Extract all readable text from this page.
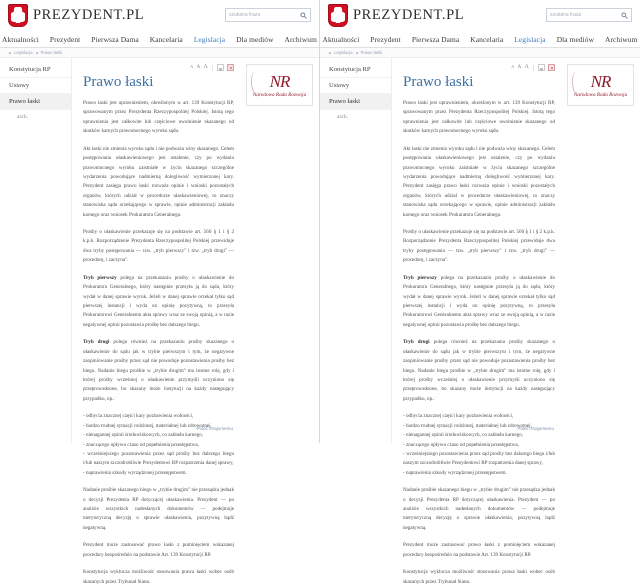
PREZYDENT.PL
szukana fraza
Aktualności Prezydent Pierwsza Dama Kancelaria Legislacja Dla mediów Archiwum
Legislacja Prawo łaski
Konstytucja RP
Ustawy
Prawo łaski
arch.
A A A
Prawo łaski

Prawo łaski jest uprawnieniem, określonym w art. 139 Konstytucji RP, sprawowanym przez Prezydenta Rzeczypospolitej Polskiej. Istotą tego uprawnienia jest całkowite lub częściowe uwolnienie skazanego od skutków karnych prawomocnego wyroku sądu.

Akt łaski nie zmienia wyroku sądu i nie podważa winy skazanego. Celem postępowania ułaskawieniowego jest ustalenie, czy po wydaniu prawomocnego wyroku zaistniałe w życiu skazanego szczególne wydarzenia powodujące nadmierną dolegliwość wymierzonej kary. Prezydent zasięga prawo łaski rozważa opinie i wnioski pozostałych organów, których udział w procedurze ułaskawieniowej, to znaczy stanowiska sądu orzekającego w sprawie, opinie administracji zakładu karnego oraz wniosek Prokuratora Generalnego.

Prośby o ułaskawienie przekazuje się na podstawie art. 560 § 1 i § 2 k.p.k. Rozporządzenie Prezydenta Rzeczypospolitej Polskiej przewiduje dwa tryby postępowania — tzw. „tryb pierwszy" i tzw. „tryb drugi" — procedurę, i zaczyna".

Tryb pierwszy polega na przekazaniu prośby o ułaskawienie do Prokuratora Generalnego, który następnie przesyła ją do sądu, który wydał w danej sprawie wyrok. Jeżeli w danej sprawie orzekał tylko sąd pierwszej instancji i wyda on opinię pozytywną, to przesyła Prokuratorowi Generalnemu akta sprawy wraz ze swoją opinią, a w razie negatywnej opinii pozostawia prośbę bez dalszego biegu.

Tryb drugi polega również na przekazaniu prośby skazanego o ułaskawienie do sądu jak w trybie pierwszym i tym, że negatywne zaopiniowanie prośby przez sąd nie powoduje pozostawienia prośby bez biegu. Nadanie biegu prośbie w „trybie drugim" ma istotne rolę, gdy i której prośby wcześniej o ułaskawienie przymyśli uczyniono się przeprowadzone, bo skazany może instytucji na każdy następujący przypadku, np.:

- odbycia znacznej części kary pozbawienia wolności,
- bardzo trudnej sytuacji rodzinnej, materialnej lub zdrowotnej,
- nienagannej opinii środowiskowych, co zakładu karnego,
- znaczącego upływu czasu od popełnienia przestępstwa,
- wcześniejszego pozostawienia przez sąd prośby bez dalszego biegu i/lub naszym szczodrobliwie Prezydentowi RP rozpatrzenia danej sprawy,
- naprawienia szkody wyrządzonej przestępstwem.

Nadanie prośbie skazanego biegu w „trybie drugim" nie przesądza jednak o decyzji Prezydenta RP dotyczącej ułaskawienia. Prezydent — po analizie wszystkich nadesłanych dokumentów — podejmuje merytoryczną decyzję o sprawie ułaskawienia, pozytywną bądź negatywną.

Prezydent może zastosować prawo łaski z pominięciem wskazanej procedury bezpośrednio na podstawie Art. 139 Konstytucji RP.

Konstytucja wyklucza możliwość stosowania prawa łaski wobec osób skazanych przez Trybunał Stanu.

Poleć znajomemu
NR
Narodowa Rada Rozwoju
PREZYDENT.PL
szukana fraza
Aktualności Prezydent Pierwsza Dama Kancelaria Legislacja Dla mediów Archiwum
Legislacja Prawo łaski
Konstytucja RP
Ustawy
Prawo łaski
arch.
A A A
Prawo łaski

Prawo łaski jest uprawnieniem, określonym w art. 139 Konstytucji RP, sprawowanym przez Prezydenta Rzeczypospolitej Polskiej. Istotą tego uprawnienia jest całkowite lub częściowe uwolnienie skazanego od skutków karnych prawomocnego wyroku sądu.

Akt łaski nie zmienia wyroku sądu i nie podważa winy skazanego. Celem postępowania ułaskawieniowego jest ustalenie, czy po wydaniu prawomocnego wyroku zaistniałe w życiu skazanego szczególne wydarzenia powodujące nadmierną dolegliwość wymierzonej kary. Prezydent zasięga prawo łaski rozważa opinie i wnioski pozostałych organów, których udział w procedurze ułaskawieniowej, to znaczy stanowiska sądu orzekającego w sprawie, opinie administracji zakładu karnego oraz wniosek Prokuratora Generalnego.

Prośby o ułaskawienie przekazuje się na podstawie art. 560 § 1 i § 2 k.p.k. Rozporządzenie Prezydenta Rzeczypospolitej Polskiej przewiduje dwa tryby postępowania — tzw. „tryb pierwszy" i tzw. „tryb drugi" — procedurę, i zaczyna".

Tryb pierwszy polega na przekazaniu prośby o ułaskawienie do Prokuratora Generalnego, który następnie przesyła ją do sądu, który wydał w danej sprawie wyrok. Jeżeli w danej sprawie orzekał tylko sąd pierwszej instancji i wyda on opinię pozytywną, to przesyła Prokuratorowi Generalnemu akta sprawy wraz ze swoją opinią, a w razie negatywnej opinii pozostawia prośbę bez dalszego biegu.

Tryb drugi polega również na przekazaniu prośby skazanego o ułaskawienie do sądu jak w trybie pierwszym i tym, że negatywne zaopiniowanie prośby przez sąd nie powoduje pozostawienia prośby bez biegu. Nadanie biegu prośbie w „trybie drugim" ma istotne rolę, gdy i której prośby wcześniej o ułaskawienie przymyśli uczyniono się przeprowadzone, bo skazany może instytucji na każdy następujący przypadku, np.:

- odbycia znacznej części kary pozbawienia wolności,
- bardzo trudnej sytuacji rodzinnej, materialnej lub zdrowotnej,
- nienagannej opinii środowiskowych, co zakładu karnego,
- znaczącego upływu czasu od popełnienia przestępstwa,
- wcześniejszego pozostawienia przez sąd prośby bez dalszego biegu i/lub naszym szczodrobliwie Prezydentowi RP rozpatrzenia danej sprawy,
- naprawienia szkody wyrządzonej przestępstwem.

Nadanie prośbie skazanego biegu w „trybie drugim" nie przesądza jednak o decyzji Prezydenta RP dotyczącej ułaskawienia. Prezydent — po analizie wszystkich nadesłanych dokumentów — podejmuje merytoryczną decyzję o sprawie ułaskawienia, pozytywną bądź negatywną.

Prezydent może zastosować prawo łaski z pominięciem wskazanej procedury bezpośrednio na podstawie Art. 139 Konstytucji RP.

Konstytucja wyklucza możliwość stosowania prawa łaski wobec osób skazanych przez Trybunał Stanu.

Poleć znajomemu
NR
Narodowa Rada Rozwoju
